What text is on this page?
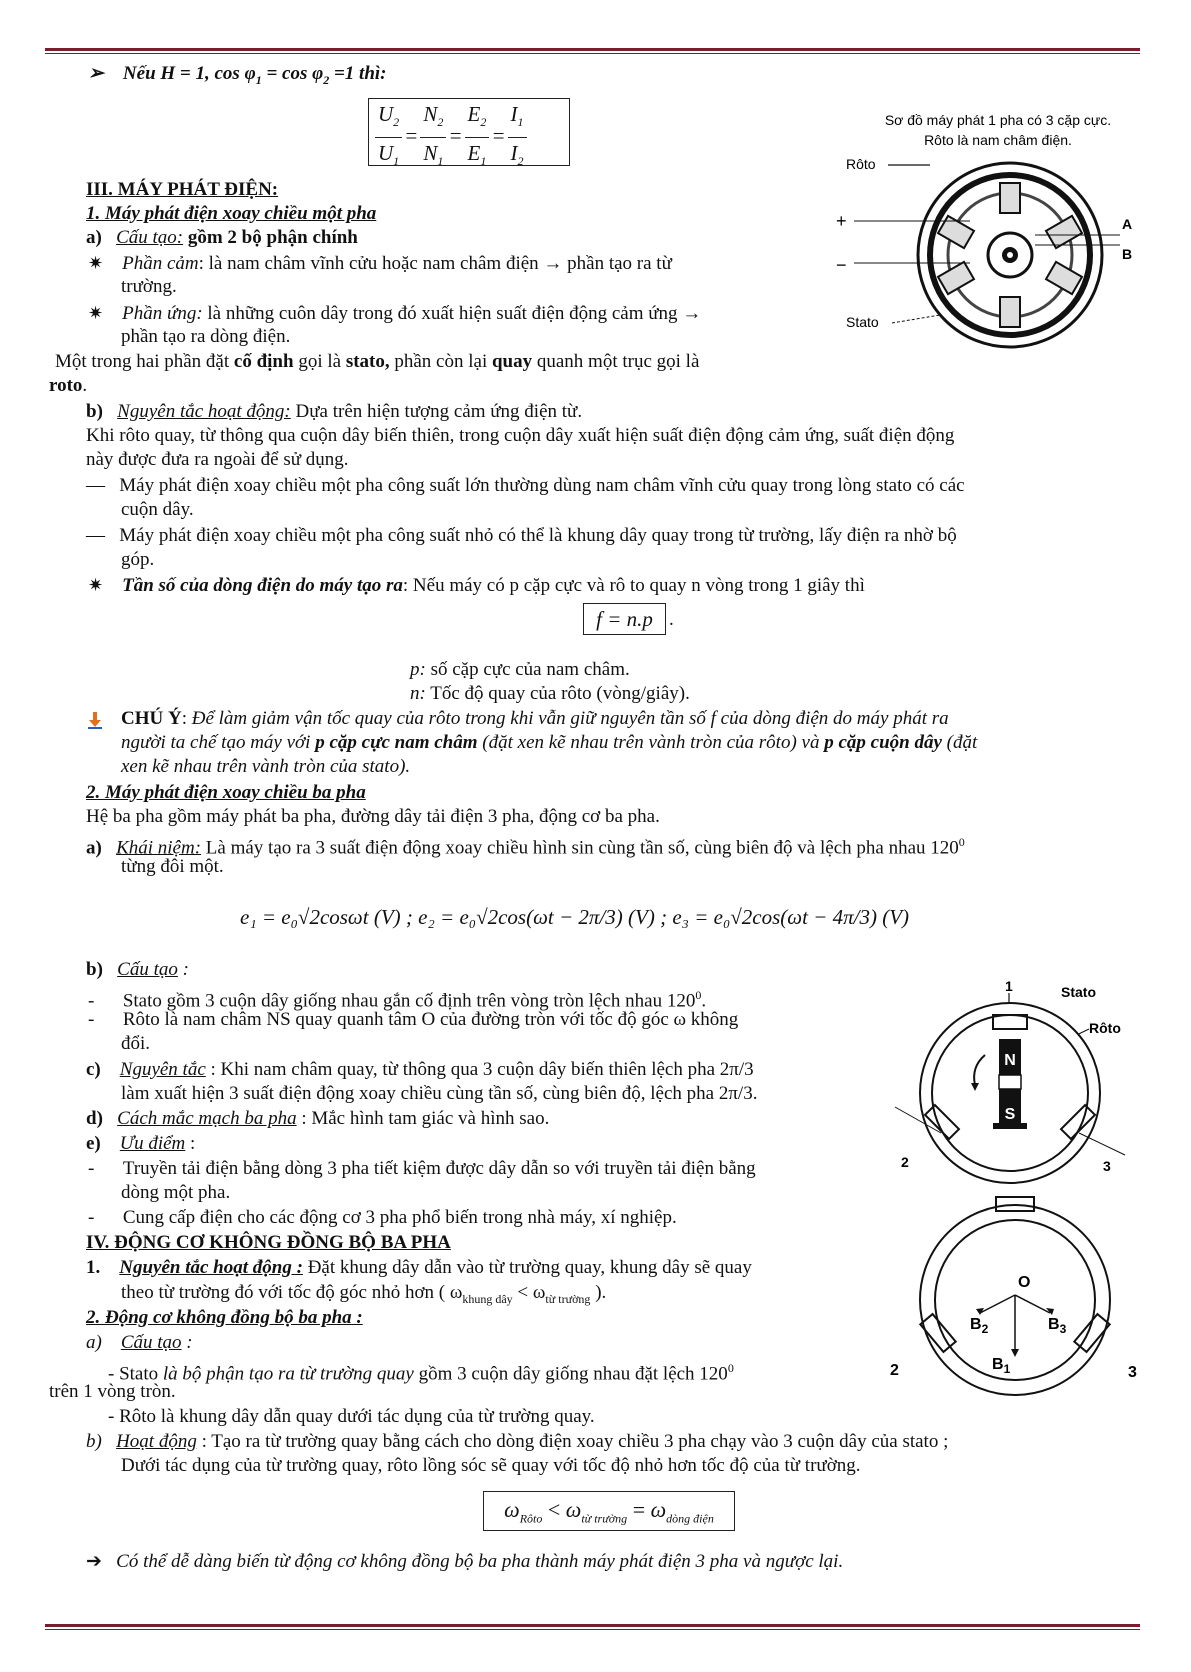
➢ Nếu H = 1, $\cos \varphi_1 = \cos \varphi_2 =1$ thì:
$\frac{U_2}{U_1} = \frac{N_2}{N_1} = \frac{E_2}{E_1} = \frac{I_1}{I_2}$
III. MÁY PHÁT ĐIỆN:
1. Máy phát điện xoay chiều một pha
a) Cấu tạo: gồm 2 bộ phận chính
✷ Phần cảm: là nam châm vĩnh cửu hoặc nam châm điện → phần tạo ra từ
trường.
✷ Phần ứng: là những cuôn dây trong đó xuất hiện suất điện động cảm ứng →
phần tạo ra dòng điện.
Một trong hai phần đặt cố định gọi là stato, phần còn lại quay quanh một trục gọi là
roto.
b) Nguyên tắc hoạt động: Dựa trên hiện tượng cảm ứng điện từ.
Khi rôto quay, từ thông qua cuộn dây biến thiên, trong cuộn dây xuất hiện suất điện động cảm ứng, suất điện động
này được đưa ra ngoài để sử dụng.
— Máy phát điện xoay chiều một pha công suất lớn thường dùng nam châm vĩnh cửu quay trong lòng stato có các
cuộn dây.
— Máy phát điện xoay chiều một pha công suất nhỏ có thể là khung dây quay trong từ trường, lấy điện ra nhờ bộ
góp.
✷ Tần số của dòng điện do máy tạo ra: Nếu máy có p cặp cực và rô to quay n vòng trong 1 giây thì
f = n.p .
p: số cặp cực của nam châm.
n: Tốc độ quay của rôto (vòng/giây).
CHÚ Ý: Để làm giảm vận tốc quay của rôto trong khi vẫn giữ nguyên tần số f của dòng điện do máy phát ra
người ta chế tạo máy với p cặp cực nam châm (đặt xen kẽ nhau trên vành tròn của rôto) và p cặp cuộn dây (đặt
xen kẽ nhau trên vành tròn của stato).
2. Máy phát điện xoay chiều ba pha
Hệ ba pha gồm máy phát ba pha, đường dây tải điện 3 pha, động cơ ba pha.
a) Khái niệm: Là máy tạo ra 3 suất điện động xoay chiều hình sin cùng tần số, cùng biên độ và lệch pha nhau $120^0$
từng đôi một.
e₁ = e₀√2cosωt (V) ; e₂ = e₀√2cos(ωt − 2π/3) (V) ; e₃ = e₀√2cos(ωt − 4π/3) (V)
b) Cấu tạo :
- Stato gồm 3 cuộn dây giống nhau gắn cố định trên vòng tròn lệch nhau $120^0$.
- Rôto là nam châm NS quay quanh tâm O của đường tròn với tốc độ góc ω không
đổi.
c) Nguyên tắc : Khi nam châm quay, từ thông qua 3 cuộn dây biến thiên lệch pha 2π/3
làm xuất hiện 3 suất điện động xoay chiều cùng tần số, cùng biên độ, lệch pha 2π/3.
d) Cách mắc mạch ba pha : Mắc hình tam giác và hình sao.
e) Ưu điểm :
- Truyền tải điện bằng dòng 3 pha tiết kiệm được dây dẫn so với truyền tải điện bằng
dòng một pha.
- Cung cấp điện cho các động cơ 3 pha phổ biến trong nhà máy, xí nghiệp.
IV. ĐỘNG CƠ KHÔNG ĐỒNG BỘ BA PHA
1. Nguyên tắc hoạt động : Đặt khung dây dẫn vào từ trường quay, khung dây sẽ quay
theo từ trường đó với tốc độ góc nhỏ hơn ( $\omega_{khung dây} < \omega_{từ trường}$ ).
2. Động cơ không đồng bộ ba pha :
a) Cấu tạo :
- Stato là bộ phận tạo ra từ trường quay gồm 3 cuộn dây giống nhau đặt lệch $120^0$
trên 1 vòng tròn.
- Rôto là khung dây dẫn quay dưới tác dụng của từ trường quay.
b) Hoạt động : Tạo ra từ trường quay bằng cách cho dòng điện xoay chiều 3 pha chạy vào 3 cuộn dây của stato ;
Dưới tác dụng của từ trường quay, rôto lồng sóc sẽ quay với tốc độ nhỏ hơn tốc độ của từ trường.
$\omega_{Rôto} < \omega_{từ trường} = \omega_{dòng điện}$
➔ Có thể dễ dàng biến từ động cơ không đồng bộ ba pha thành máy phát điện 3 pha và ngược lại.
Sơ đồ máy phát 1 pha có 3 cặp cực.
Rôto là nam châm điện.
Rôto
+
−
A
B
Stato
1	Stato
Rôto
N
S
2	3
O
$B_2$	$B_3$
$B_1$
2	3
